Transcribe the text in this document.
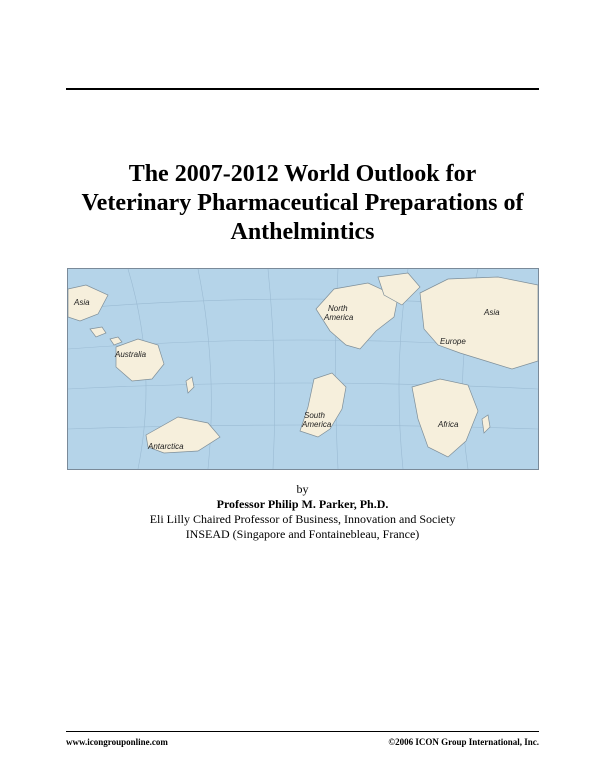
The 2007-2012 World Outlook for
Veterinary Pharmaceutical Preparations of
Anthelmintics
Asia
Australia
Antarctica
North
America
South
America
Asia
Europe
Africa
by
Professor Philip M. Parker, Ph.D.
Eli Lilly Chaired Professor of Business, Innovation and Society
INSEAD (Singapore and Fontainebleau, France)
www.icongrouponline.com	©2006 ICON Group International, Inc.
